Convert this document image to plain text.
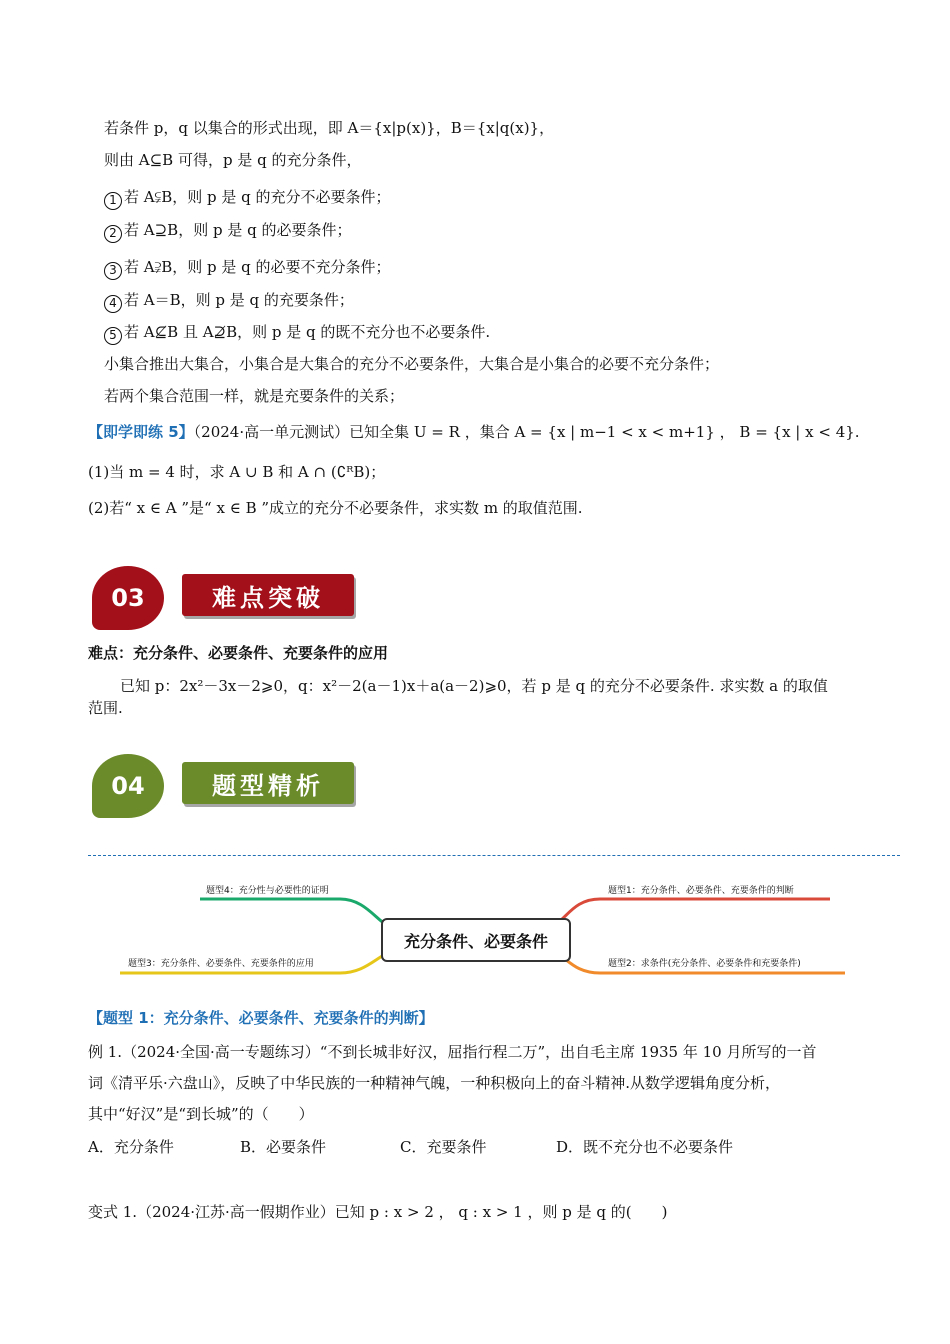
若条件 p，q 以集合的形式出现，即 A＝{x|p(x)}，B＝{x|q(x)}，
则由 A⊆B 可得，p 是 q 的充分条件，
1 若 A⫋B，则 p 是 q 的充分不必要条件；
2 若 A⊇B，则 p 是 q 的必要条件；
3 若 A⫌B，则 p 是 q 的必要不充分条件；
4 若 A＝B，则 p 是 q 的充要条件；
5 若 A⊈B 且 A⊉B，则 p 是 q 的既不充分也不必要条件.
小集合推出大集合，小集合是大集合的充分不必要条件，大集合是小集合的必要不充分条件；
若两个集合范围一样，就是充要条件的关系；
【即学即练 5】（2024·高一单元测试）已知全集 U = R ，集合 A = {x | m−1 < x < m+1} ， B = {x | x < 4}.
(1)当 m = 4 时，求 A ∪ B 和 A ∩ (∁ᴿB)；
(2)若“ x ∈ A ”是“ x ∈ B ”成立的充分不必要条件，求实数 m 的取值范围.
03	难点突破
难点：充分条件、必要条件、充要条件的应用
已知 p：2x²－3x－2⩾0，q：x²－2(a－1)x＋a(a－2)⩾0，若 p 是 q 的充分不必要条件. 求实数 a 的取值
范围.
04	题型精析
题型4：充分性与必要性的证明
题型3：充分条件、必要条件、充要条件的应用
题型1：充分条件、必要条件、充要条件的判断
题型2：求条件(充分条件、必要条件和充要条件)
充分条件、必要条件
【题型 1：充分条件、必要条件、充要条件的判断】
例 1.（2024·全国·高一专题练习）“不到长城非好汉，屈指行程二万”，出自毛主席 1935 年 10 月所写的一首
词《清平乐·六盘山》，反映了中华民族的一种精神气魄，一种积极向上的奋斗精神.从数学逻辑角度分析，
其中“好汉”是“到长城”的（　　）
A．充分条件	B．必要条件	C．充要条件	D．既不充分也不必要条件
变式 1.（2024·江苏·高一假期作业）已知 p : x > 2 ， q : x > 1 ，则 p 是 q 的(　　)
